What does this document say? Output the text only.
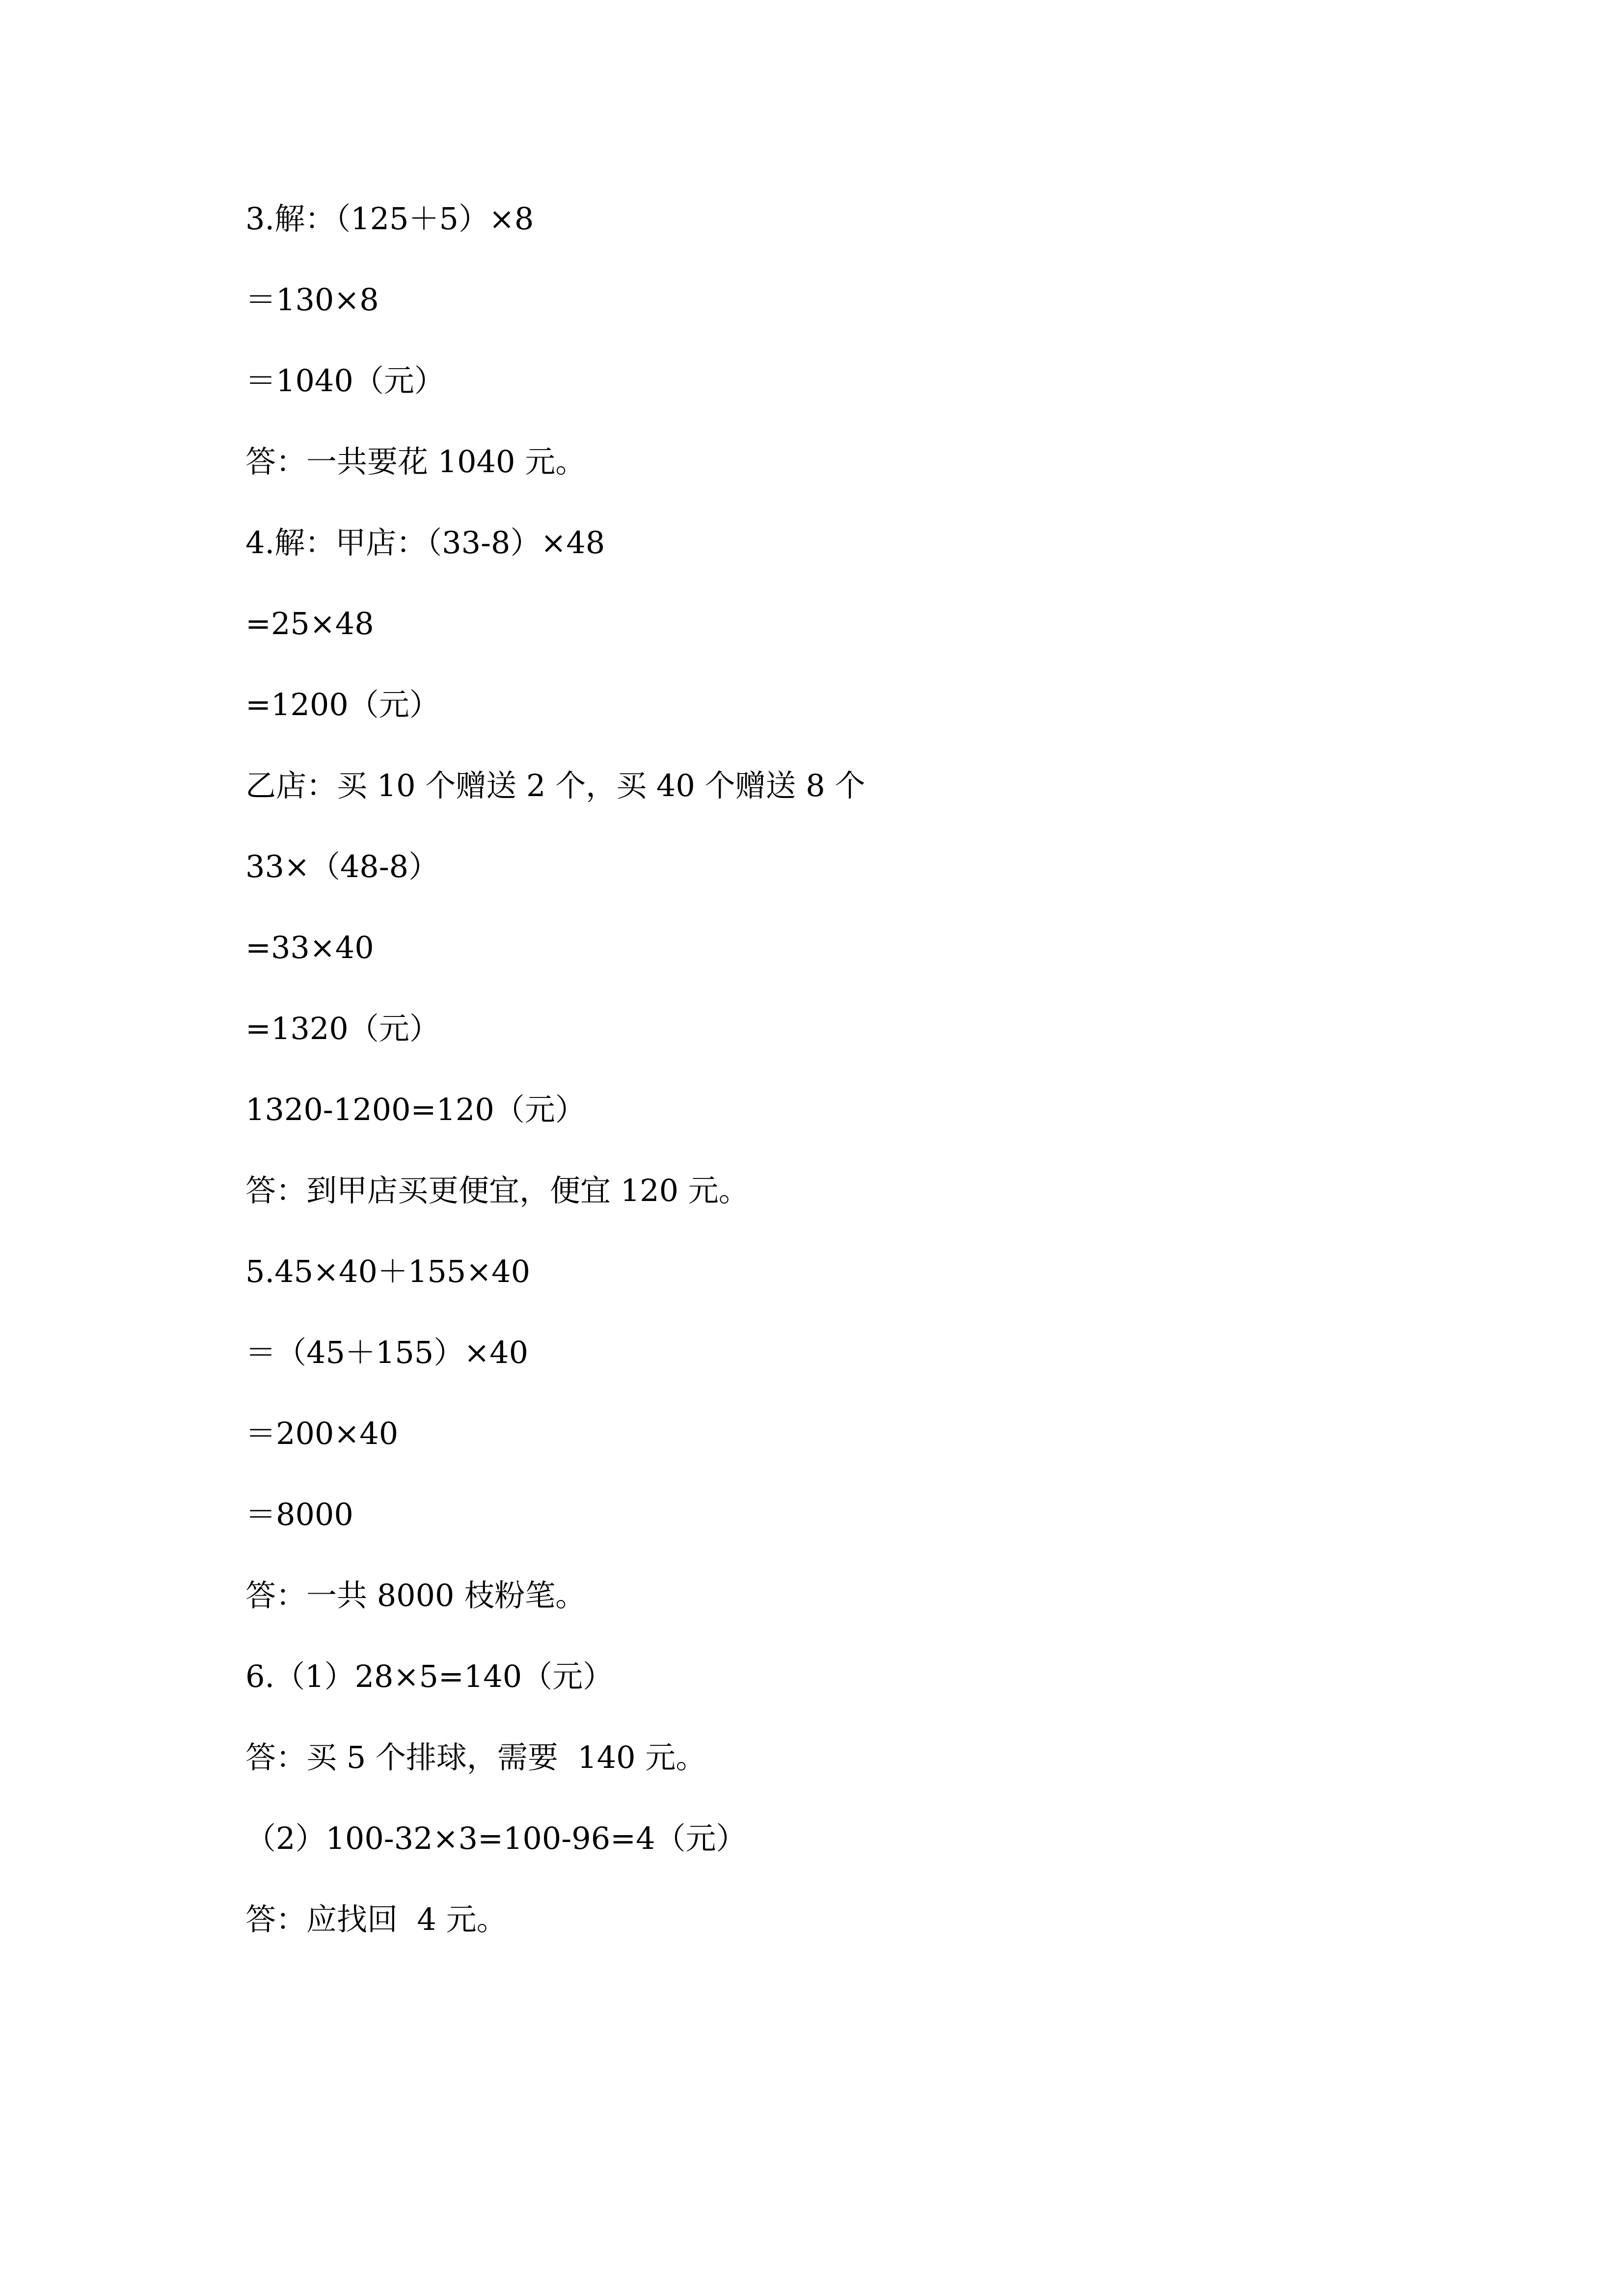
3.解：（125＋5）×8

＝130×8

＝1040（元）

答：一共要花 1040 元。

4.解：甲店：（33-8）×48

=25×48

=1200（元）

乙店：买 10 个赠送 2 个，买 40 个赠送 8 个

33×（48-8）

=33×40

=1320（元）

1320-1200=120（元）

答：到甲店买更便宜，便宜 120 元。

5.45×40＋155×40

＝（45＋155）×40

＝200×40

＝8000

答：一共 8000 枝粉笔。

6.（1）28×5=140（元）

答：买 5 个排球，需要  140 元。

（2）100-32×3=100-96=4（元）

答：应找回  4 元。
